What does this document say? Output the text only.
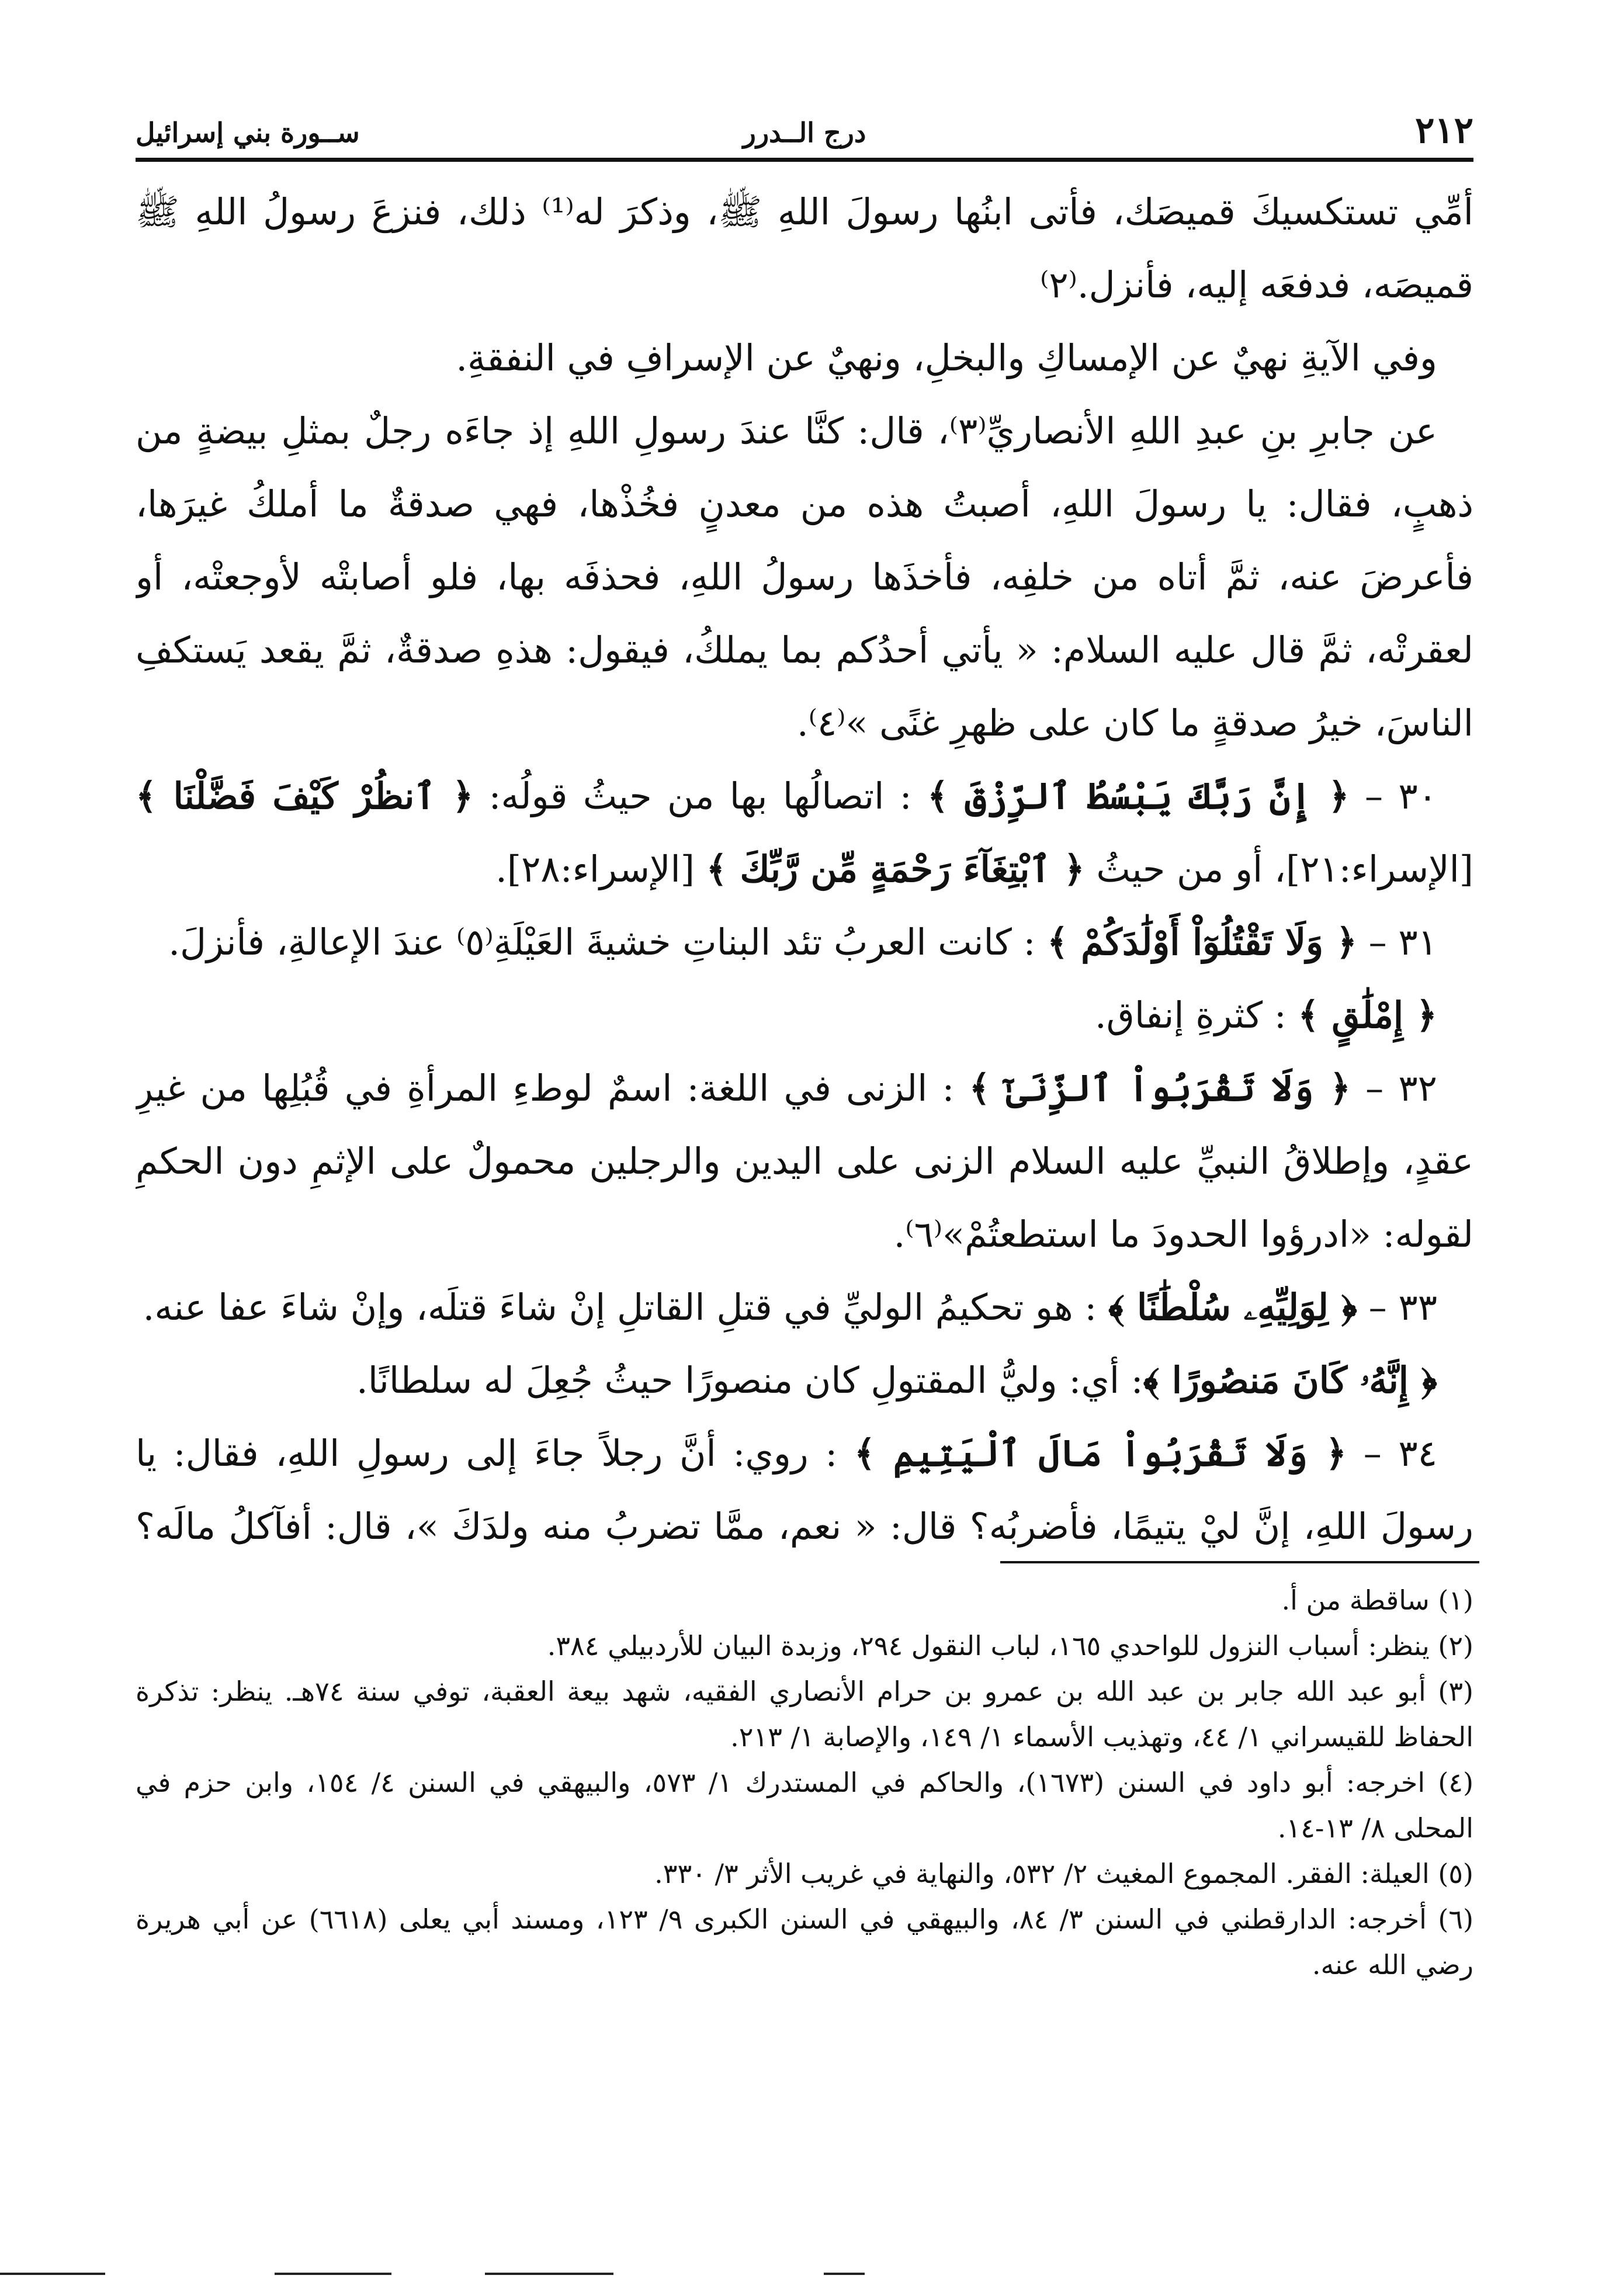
٢١٢
درج الــدرر
ســورة بني إسرائيل

أمِّي تستكسيكَ قميصَك، فأتى ابنُها رسولَ اللهِ ﷺ، وذكرَ له⁽¹⁾ ذلك، فنزعَ رسولُ اللهِ ﷺ قميصَه، فدفعَه إليه، فأنزل.⁽٢⁾

وفي الآيةِ نهيٌ عن الإمساكِ والبخلِ، ونهيٌ عن الإسرافِ في النفقةِ.

عن جابرِ بنِ عبدِ اللهِ الأنصاريِّ⁽٣⁾، قال: كنَّا عندَ رسولِ اللهِ إذ جاءَه رجلٌ بمثلِ بيضةٍ من ذهبٍ، فقال: يا رسولَ اللهِ، أصبتُ هذه من معدنٍ فخُذْها، فهي صدقةٌ ما أملكُ غيرَها، فأعرضَ عنه، ثمَّ أتاه من خلفِه، فأخذَها رسولُ اللهِ، فحذفَه بها، فلو أصابتْه لأوجعتْه، أو لعقرتْه، ثمَّ قال عليه السلام: « يأتي أحدُكم بما يملكُ، فيقول: هذهِ صدقةٌ، ثمَّ يقعد يَستكفِ الناسَ، خيرُ صدقةٍ ما كان على ظهرِ غنًى »⁽٤⁾.

٣٠ – ﴿ إِنَّ رَبَّكَ يَبْسُطُ ٱلرِّزْقَ ﴾ : اتصالُها بها من حيثُ قولُه: ﴿ ٱنظُرْ كَيْفَ فَضَّلْنَا ﴾ [الإسراء:٢١]، أو من حيثُ ﴿ ٱبْتِغَآءَ رَحْمَةٍ مِّن رَّبِّكَ ﴾ [الإسراء:٢٨].

٣١ – ﴿ وَلَا تَقْتُلُوٓاْ أَوْلَٰدَكُمْ ﴾ : كانت العربُ تئد البناتِ خشيةَ العَيْلَةِ⁽٥⁾ عندَ الإعالةِ، فأنزلَ.

﴿ إِمْلَٰقٍ ﴾ : كثرةِ إنفاق.

٣٢ – ﴿ وَلَا تَقْرَبُواْ ٱلزِّنَىٰٓ ﴾ : الزنى في اللغة: اسمٌ لوطءِ المرأةِ في قُبُلِها من غيرِ عقدٍ، وإطلاقُ النبيِّ عليه السلام الزنى على اليدين والرجلين محمولٌ على الإثمِ دون الحكمِ لقوله: «ادرؤوا الحدودَ ما استطعتُمْ»⁽٦⁾.

٣٣ – ﴿ لِوَلِيِّهِۦ سُلْطَٰنًا ﴾ : هو تحكيمُ الوليِّ في قتلِ القاتلِ إنْ شاءَ قتلَه، وإنْ شاءَ عفا عنه.

﴿ إِنَّهُۥ كَانَ مَنصُورًا ﴾: أي: وليُّ المقتولِ كان منصورًا حيثُ جُعِلَ له سلطانًا.

٣٤ – ﴿ وَلَا تَقْرَبُواْ مَالَ ٱلْيَتِيمِ ﴾ : روي: أنَّ رجلاً جاءَ إلى رسولِ اللهِ، فقال: يا رسولَ اللهِ، إنَّ ليْ يتيمًا، فأضربُه؟ قال: « نعم، ممَّا تضربُ منه ولدَكَ »، قال: أفآكلُ مالَه؟

(١) ساقطة من أ.

(٢) ينظر: أسباب النزول للواحدي ١٦٥، لباب النقول ٢٩٤، وزبدة البيان للأردبيلي ٣٨٤.

(٣) أبو عبد الله جابر بن عبد الله بن عمرو بن حرام الأنصاري الفقيه، شهد بيعة العقبة، توفي سنة ٧٤هـ. ينظر: تذكرة الحفاظ للقيسراني ١/ ٤٤، وتهذيب الأسماء ١/ ١٤٩، والإصابة ١/ ٢١٣.

(٤) اخرجه: أبو داود في السنن (١٦٧٣)، والحاكم في المستدرك ١/ ٥٧٣، والبيهقي في السنن ٤/ ١٥٤، وابن حزم في المحلى ٨/ ١٣-١٤.

(٥) العيلة: الفقر. المجموع المغيث ٢/ ٥٣٢، والنهاية في غريب الأثر ٣/ ٣٣٠.

(٦) أخرجه: الدارقطني في السنن ٣/ ٨٤، والبيهقي في السنن الكبرى ٩/ ١٢٣، ومسند أبي يعلى (٦٦١٨) عن أبي هريرة رضي الله عنه.
